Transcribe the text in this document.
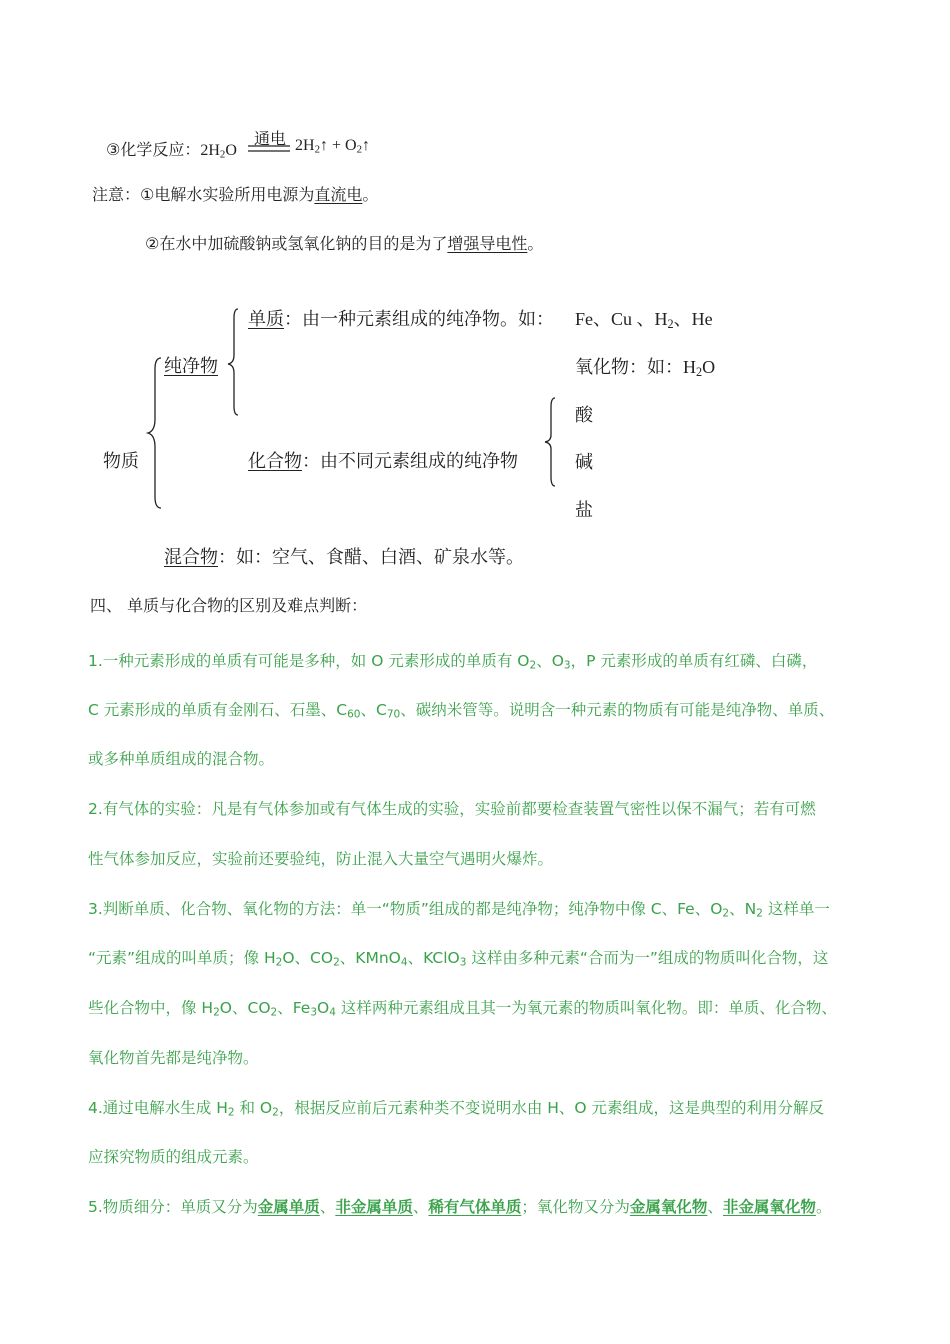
③化学反应：$2H_2O$
通电 $2H_2↑$ + $O_2↑$
注意：①电解水实验所用电源为直流电。
②在水中加硫酸钠或氢氧化钠的目的是为了增强导电性。
物质
纯净物
单质：由一种元素组成的纯净物。如： Fe、Cu 、$H_2$、He
氧化物：如：$H_2O$
化合物：由不同元素组成的纯净物
酸
碱
盐
混合物：如：空气、食醋、白酒、矿泉水等。
四、 单质与化合物的区别及难点判断：
1.一种元素形成的单质有可能是多种，如 O 元素形成的单质有 $O_2$、$O_3$，P 元素形成的单质有红磷、白磷，
C 元素形成的单质有金刚石、石墨、$C_{60}$、$C_{70}$、碳纳米管等。说明含一种元素的物质有可能是纯净物、单质、
或多种单质组成的混合物。
2.有气体的实验：凡是有气体参加或有气体生成的实验，实验前都要检查装置气密性以保不漏气；若有可燃
性气体参加反应，实验前还要验纯，防止混入大量空气遇明火爆炸。
3.判断单质、化合物、氧化物的方法：单一“物质”组成的都是纯净物；纯净物中像 C、Fe、$O_2$、$N_2$ 这样单一
“元素”组成的叫单质；像 $H_2O$、$CO_2$、KMnO$_4$、KClO$_3$ 这样由多种元素“合而为一”组成的物质叫化合物，这
些化合物中，像 $H_2O$、$CO_2$、$Fe_3O_4$ 这样两种元素组成且其一为氧元素的物质叫氧化物。即：单质、化合物、
氧化物首先都是纯净物。
4.通过电解水生成 $H_2$ 和 $O_2$，根据反应前后元素种类不变说明水由 H、O 元素组成，这是典型的利用分解反
应探究物质的组成元素。
5.物质细分：单质又分为金属单质、非金属单质、稀有气体单质；氧化物又分为金属氧化物、非金属氧化物。
